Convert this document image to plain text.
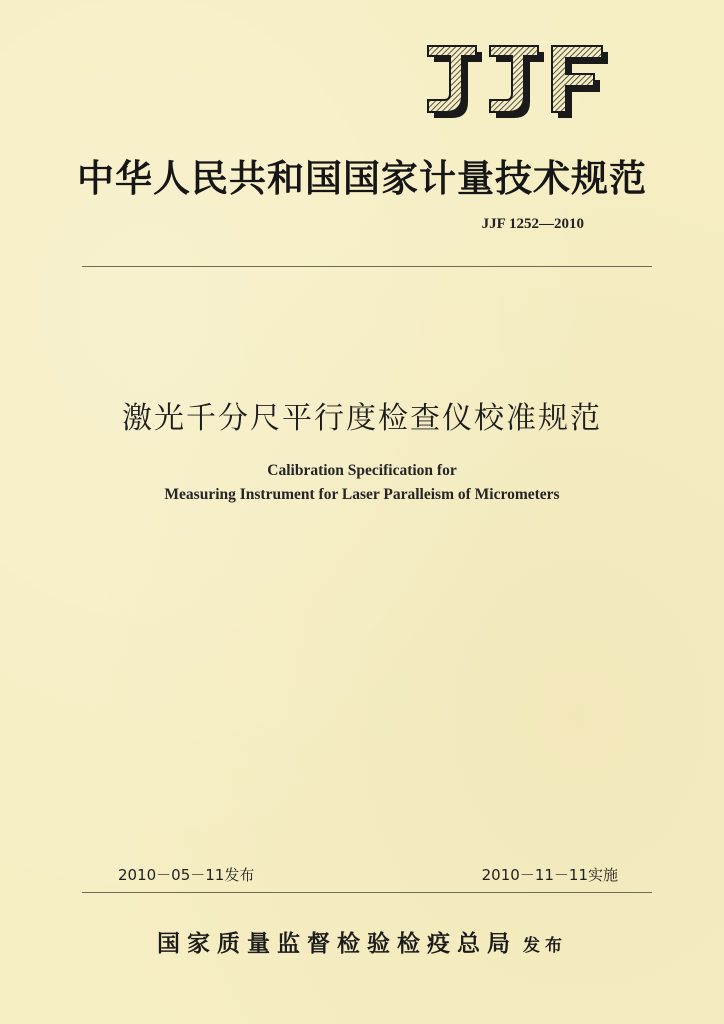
中华人民共和国国家计量技术规范
JJF 1252—2010
激光千分尺平行度检查仪校准规范
Calibration Specification for
Measuring Instrument for Laser Paralleism of Micrometers
2010－05－11发布	2010－11－11实施
国家质量监督检验检疫总局 发布
